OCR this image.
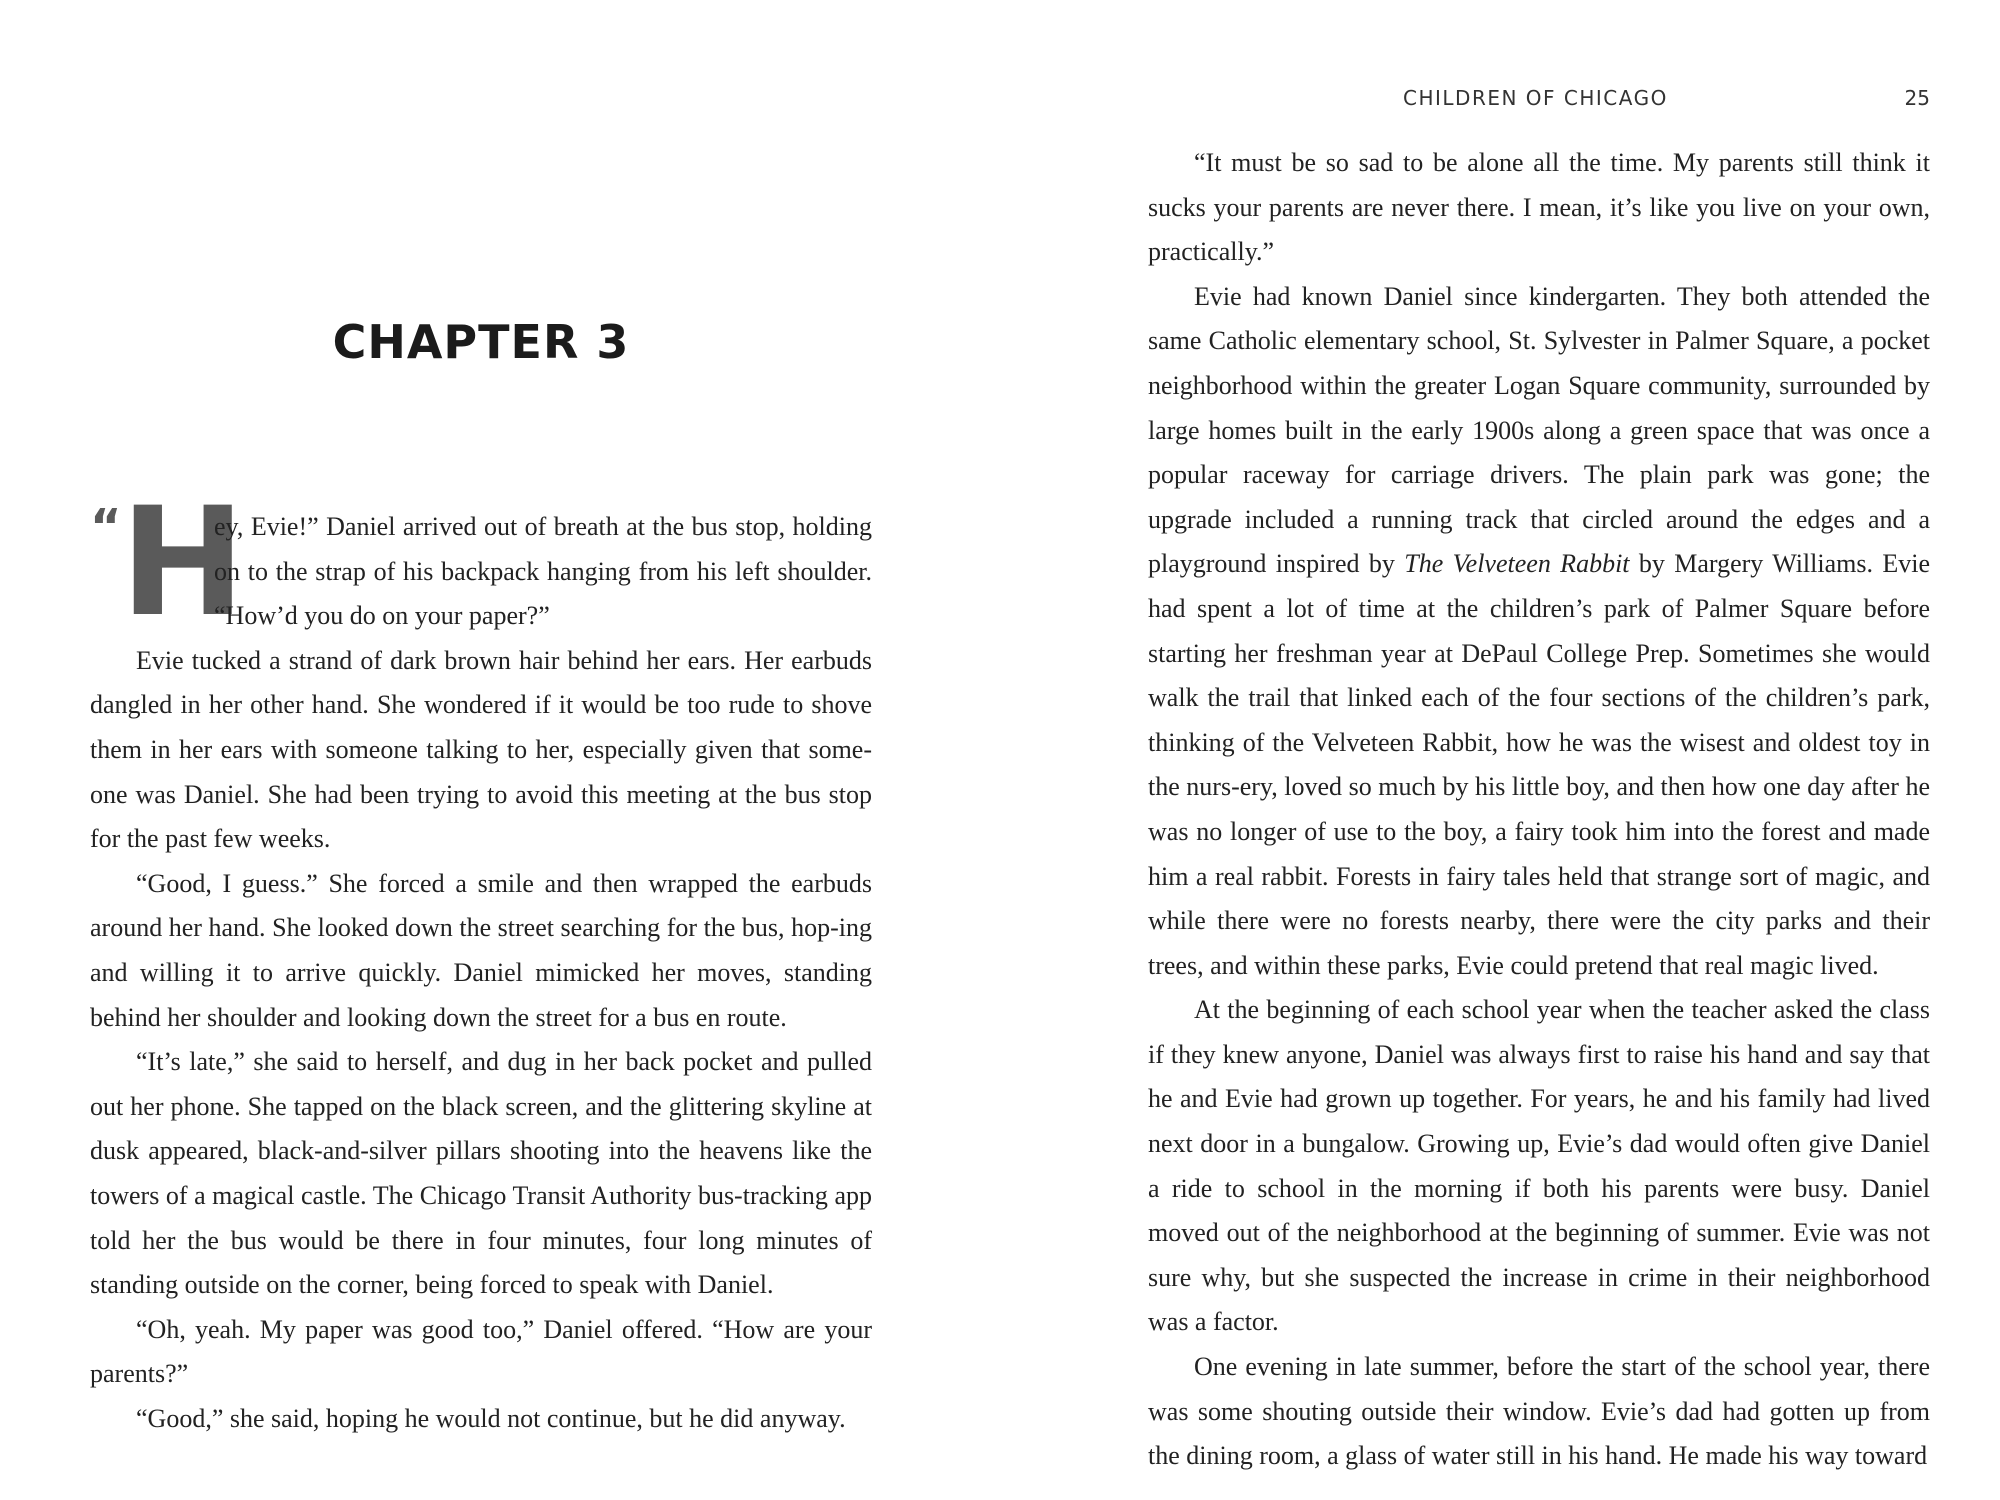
CHAPTER 3
“
H
ey, Evie!” Daniel arrived out of breath at the bus stop, holding
on to the strap of his backpack hanging from his left shoulder.
“How’d you do on your paper?”

Evie tucked a strand of dark brown hair behind her ears. Her earbuds dangled in her other hand. She wondered if it would be too rude to shove them in her ears with someone talking to her, especially given that some-one was Daniel. She had been trying to avoid this meeting at the bus stop for the past few weeks.

“Good, I guess.” She forced a smile and then wrapped the earbuds around her hand. She looked down the street searching for the bus, hop-ing and willing it to arrive quickly. Daniel mimicked her moves, standing behind her shoulder and looking down the street for a bus en route.

“It’s late,” she said to herself, and dug in her back pocket and pulled out her phone. She tapped on the black screen, and the glittering skyline at dusk appeared, black-and-silver pillars shooting into the heavens like the towers of a magical castle. The Chicago Transit Authority bus-tracking app told her the bus would be there in four minutes, four long minutes of standing outside on the corner, being forced to speak with Daniel.

“Oh, yeah. My paper was good too,” Daniel offered. “How are your parents?”

“Good,” she said, hoping he would not continue, but he did anyway.

CHILDREN OF CHICAGO	25

“It must be so sad to be alone all the time. My parents still think it sucks your parents are never there. I mean, it’s like you live on your own, practically.”

Evie had known Daniel since kindergarten. They both attended the same Catholic elementary school, St. Sylvester in Palmer Square, a pocket neighborhood within the greater Logan Square community, surrounded by large homes built in the early 1900s along a green space that was once a popular raceway for carriage drivers. The plain park was gone; the upgrade included a running track that circled around the edges and a playground inspired by The Velveteen Rabbit by Margery Williams. Evie had spent a lot of time at the children’s park of Palmer Square before starting her freshman year at DePaul College Prep. Sometimes she would walk the trail that linked each of the four sections of the children’s park, thinking of the Velveteen Rabbit, how he was the wisest and oldest toy in the nurs-ery, loved so much by his little boy, and then how one day after he was no longer of use to the boy, a fairy took him into the forest and made him a real rabbit. Forests in fairy tales held that strange sort of magic, and while there were no forests nearby, there were the city parks and their trees, and within these parks, Evie could pretend that real magic lived.

At the beginning of each school year when the teacher asked the class if they knew anyone, Daniel was always first to raise his hand and say that he and Evie had grown up together. For years, he and his family had lived next door in a bungalow. Growing up, Evie’s dad would often give Daniel a ride to school in the morning if both his parents were busy. Daniel moved out of the neighborhood at the beginning of summer. Evie was not sure why, but she suspected the increase in crime in their neighborhood was a factor.

One evening in late summer, before the start of the school year, there was some shouting outside their window. Evie’s dad had gotten up from the dining room, a glass of water still in his hand. He made his way toward
